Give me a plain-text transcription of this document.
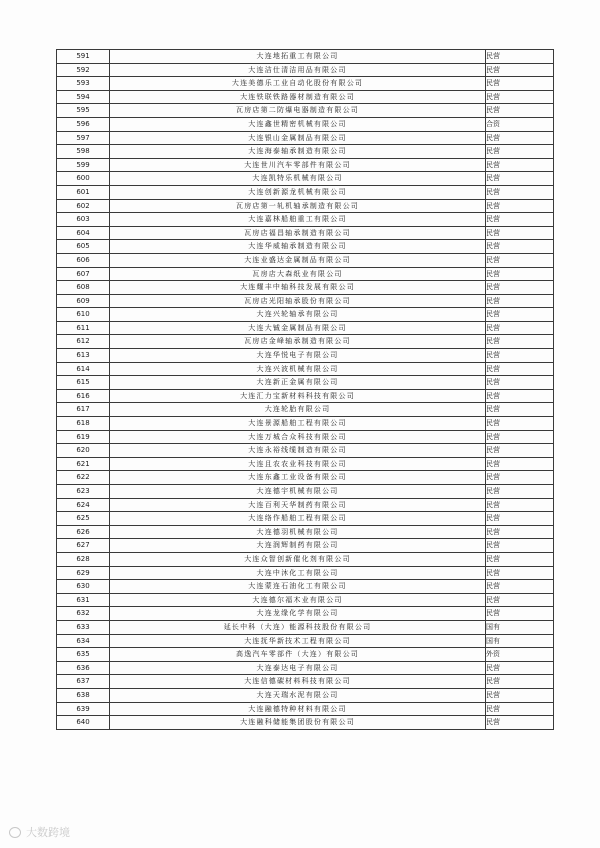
591	大连地拓重工有限公司	民营
592	大连洁仕清洁用品有限公司	民营
593	大连美德乐工业自动化股份有限公司	民营
594	大连铁联铁路器材制造有限公司	民营
595	瓦房店第二防爆电器制造有限公司	民营
596	大连鑫世精密机械有限公司	合资
597	大连银山金属制品有限公司	民营
598	大连海泰轴承制造有限公司	民营
599	大连世川汽车零部件有限公司	民营
600	大连凯特乐机械有限公司	民营
601	大连创新源龙机械有限公司	民营
602	瓦房店第一轧机轴承制造有限公司	民营
603	大连嘉林船舶重工有限公司	民营
604	瓦房店福昌轴承制造有限公司	民营
605	大连华威轴承制造有限公司	民营
606	大连业盛达金属制品有限公司	民营
607	瓦房店大森纸业有限公司	民营
608	大连耀丰中轴科技发展有限公司	民营
609	瓦房店光阳轴承股份有限公司	民营
610	大连兴轮轴承有限公司	民营
611	大连大铖金属制品有限公司	民营
612	瓦房店金峰轴承制造有限公司	民营
613	大连华悦电子有限公司	民营
614	大连兴波机械有限公司	民营
615	大连新正金属有限公司	民营
616	大连汇力宝新材料科技有限公司	民营
617	大连轮胎有限公司	民营
618	大连景源船舶工程有限公司	民营
619	大连万城合众科技有限公司	民营
620	大连永裕线缆制造有限公司	民营
621	大连且农农业科技有限公司	民营
622	大连东鑫工业设备有限公司	民营
623	大连德宇机械有限公司	民营
624	大连百利天华制药有限公司	民营
625	大连络作船舶工程有限公司	民营
626	大连德羽机械有限公司	民营
627	大连润辉制药有限公司	民营
628	大连众智创新催化剂有限公司	民营
629	大连中沐化工有限公司	民营
630	大连蒙连石油化工有限公司	民营
631	大连德尔福木业有限公司	民营
632	大连龙缘化学有限公司	民营
633	延长中科（大连）能源科技股份有限公司	国有
634	大连抚华新技术工程有限公司	国有
635	高逸汽车零部件（大连）有限公司	外资
636	大连泰达电子有限公司	民营
637	大连信德碳材料科技有限公司	民营
638	大连天瑞水泥有限公司	民营
639	大连融德特种材料有限公司	民营
640	大连融科储能集团股份有限公司	民营
大数跨境
